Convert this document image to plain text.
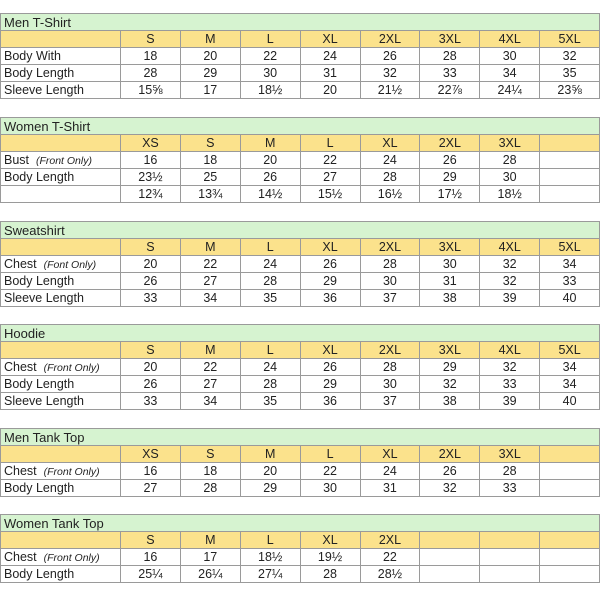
Men T-Shirt								
	S	M	L	XL	2XL	3XL	4XL	5XL
Body With	18	20	22	24	26	28	30	32
Body Length	28	29	30	31	32	33	34	35
Sleeve Length	15⅝	17	18½	20	21½	22⅞	24¼	23⅝
Women T-Shirt								
	XS	S	M	L	XL	2XL	3XL	
Bust (Front Only)	16	18	20	22	24	26	28	
Body Length	23½	25	26	27	28	29	30	
	12¾	13¾	14½	15½	16½	17½	18½	
Sweatshirt								
	S	M	L	XL	2XL	3XL	4XL	5XL
Chest (Font Only)	20	22	24	26	28	30	32	34
Body Length	26	27	28	29	30	31	32	33
Sleeve Length	33	34	35	36	37	38	39	40
Hoodie								
	S	M	L	XL	2XL	3XL	4XL	5XL
Chest (Front Only)	20	22	24	26	28	29	32	34
Body Length	26	27	28	29	30	32	33	34
Sleeve Length	33	34	35	36	37	38	39	40
Men Tank Top								
	XS	S	M	L	XL	2XL	3XL	
Chest (Front Only)	16	18	20	22	24	26	28	
Body Length	27	28	29	30	31	32	33	
Women Tank Top								
	S	M	L	XL	2XL			
Chest (Front Only)	16	17	18½	19½	22			
Body Length	25¼	26¼	27¼	28	28½			
